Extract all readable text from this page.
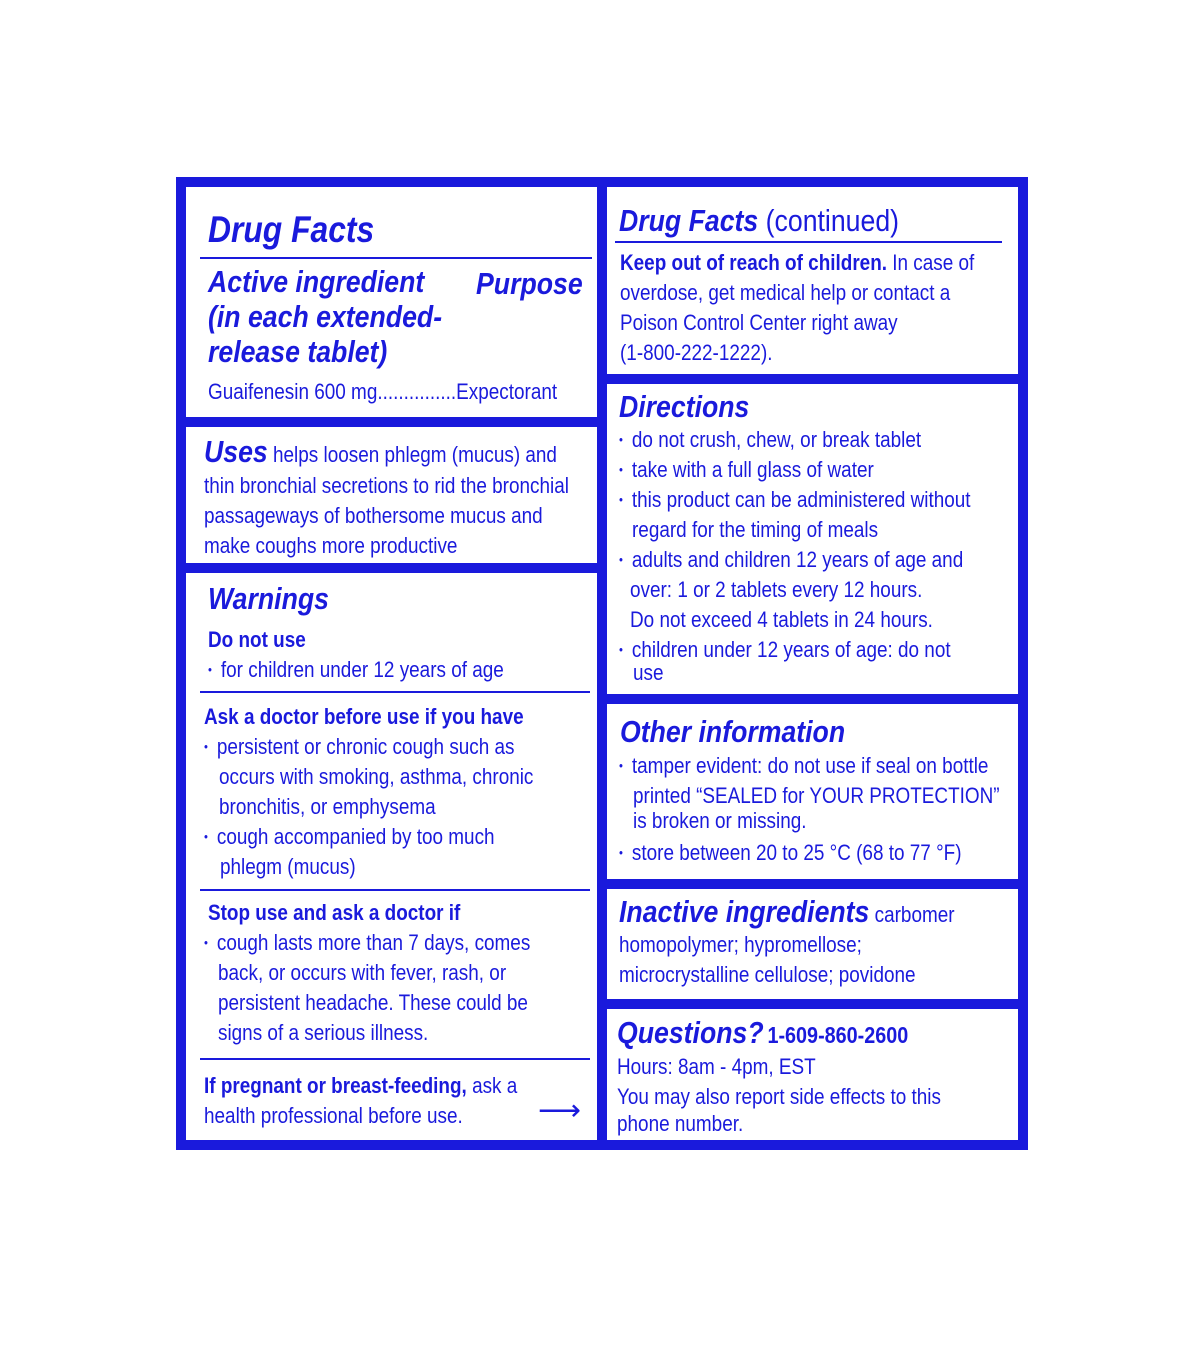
Drug Facts
Active ingredient
(in each extended-
release tablet)
Purpose
Guaifenesin 600 mg...............Expectorant
Uses helps loosen phlegm (mucus) and
thin bronchial secretions to rid the bronchial
passageways of bothersome mucus and
make coughs more productive
Warnings
Do not use
• for children under 12 years of age
Ask a doctor before use if you have
• persistent or chronic cough such as
occurs with smoking, asthma, chronic
bronchitis, or emphysema
• cough accompanied by too much
phlegm (mucus)
Stop use and ask a doctor if
• cough lasts more than 7 days, comes
back, or occurs with fever, rash, or
persistent headache. These could be
signs of a serious illness.
If pregnant or breast-feeding, ask a
health professional before use.	⟶
Drug Facts (continued)
Keep out of reach of children. In case of
overdose, get medical help or contact a
Poison Control Center right away
(1-800-222-1222).
Directions
• do not crush, chew, or break tablet
• take with a full glass of water
• this product can be administered without
regard for the timing of meals
• adults and children 12 years of age and
over: 1 or 2 tablets every 12 hours.
Do not exceed 4 tablets in 24 hours.
• children under 12 years of age: do not
use
Other information
• tamper evident: do not use if seal on bottle
printed “SEALED for YOUR PROTECTION”
is broken or missing.
• store between 20 to 25 °C (68 to 77 °F)
Inactive ingredients carbomer
homopolymer; hypromellose;
microcrystalline cellulose; povidone
Questions? 1-609-860-2600
Hours: 8am - 4pm, EST
You may also report side effects to this
phone number.
